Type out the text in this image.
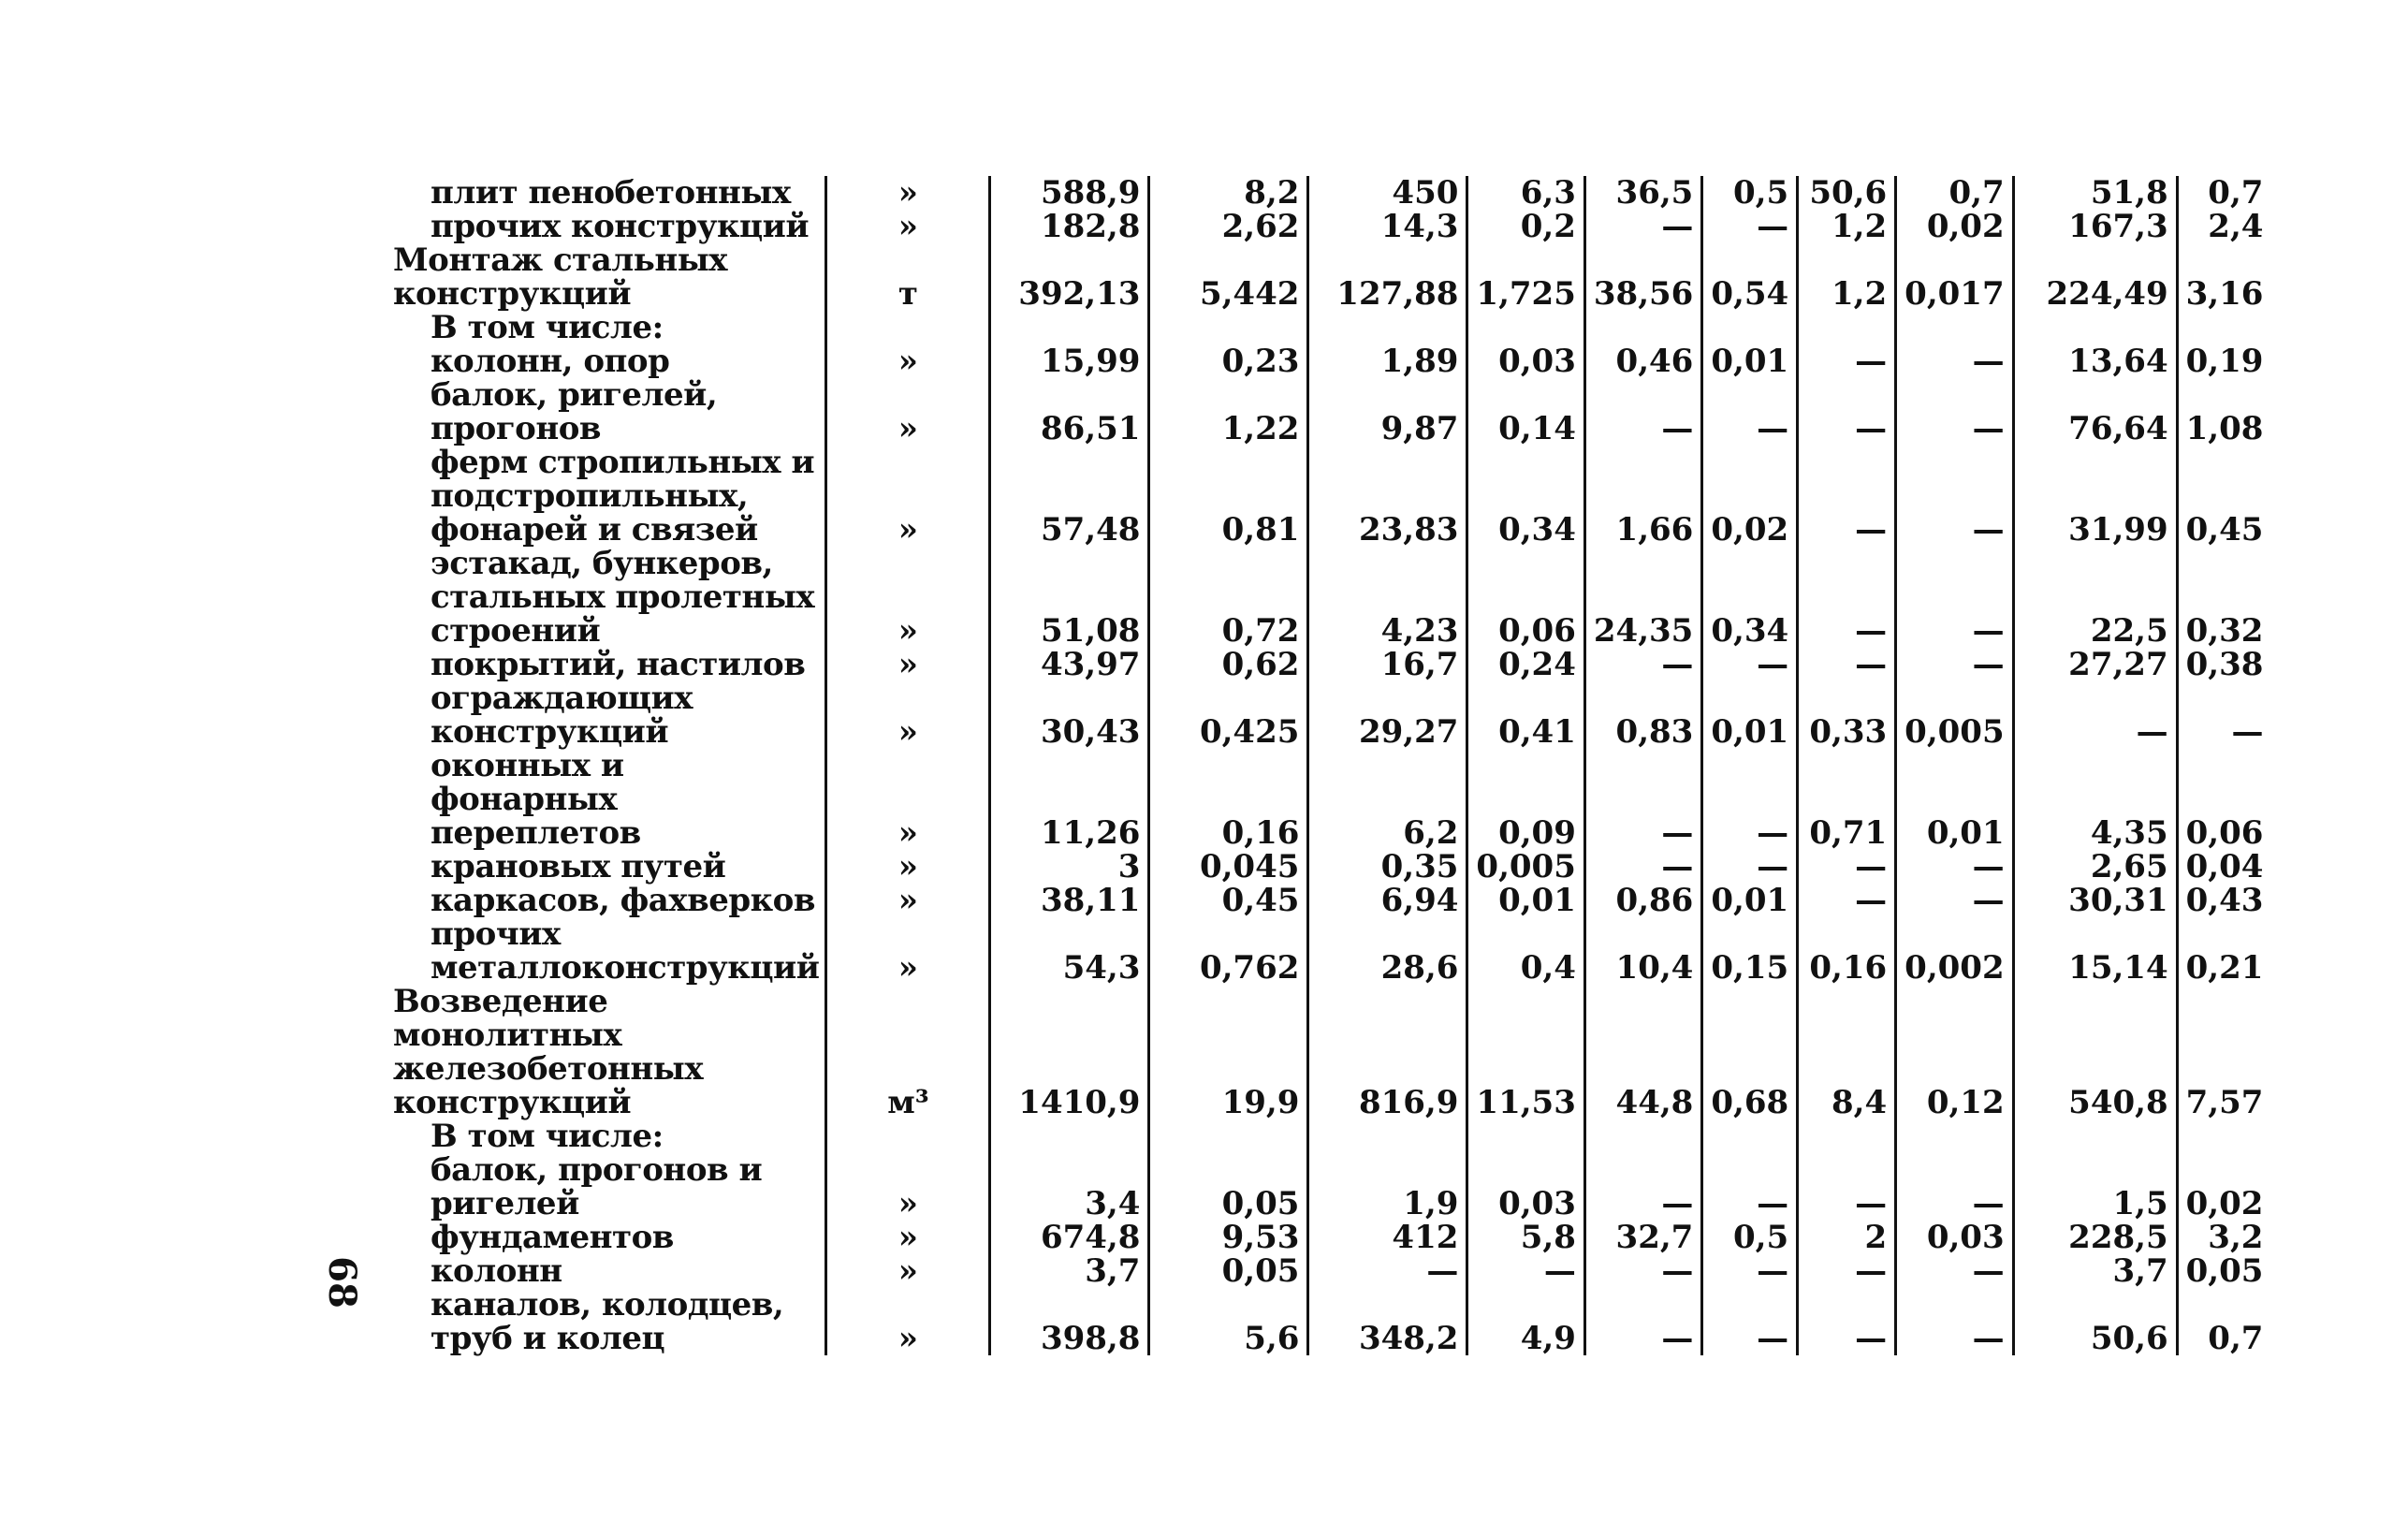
68
плит пенобетонных	»	588,9	8,2	450	6,3	36,5	0,5	50,6	0,7	51,8	0,7

прочих конструкций	»	182,8	2,62	14,3	0,2	—	—	1,2	0,02	167,3	2,4

Монтаж стальных конструкций	т	392,13	5,442	127,88	1,725	38,56	0,54	1,2	0,017	224,49	3,16

В том числе:											

колонн, опор	»	15,99	0,23	1,89	0,03	0,46	0,01	—	—	13,64	0,19

балок, ригелей, прогонов	»	86,51	1,22	9,87	0,14	—	—	—	—	76,64	1,08

ферм стропильных и подстропильных, фонарей и связей	»	57,48	0,81	23,83	0,34	1,66	0,02	—	—	31,99	0,45

эстакад, бункеров, стальных пролетных строений	»	51,08	0,72	4,23	0,06	24,35	0,34	—	—	22,5	0,32

покрытий, настилов	»	43,97	0,62	16,7	0,24	—	—	—	—	27,27	0,38

ограждающих конструкций	»	30,43	0,425	29,27	0,41	0,83	0,01	0,33	0,005	—	—

оконных и фонарных переплетов	»	11,26	0,16	6,2	0,09	—	—	0,71	0,01	4,35	0,06

крановых путей	»	3	0,045	0,35	0,005	—	—	—	—	2,65	0,04

каркасов, фахверков	»	38,11	0,45	6,94	0,01	0,86	0,01	—	—	30,31	0,43

прочих металлоконструкций	»	54,3	0,762	28,6	0,4	10,4	0,15	0,16	0,002	15,14	0,21

Возведение монолитных железобетонных конструкций	м³	1410,9	19,9	816,9	11,53	44,8	0,68	8,4	0,12	540,8	7,57

В том числе:											

балок, прогонов и ригелей	»	3,4	0,05	1,9	0,03	—	—	—	—	1,5	0,02

фундаментов	»	674,8	9,53	412	5,8	32,7	0,5	2	0,03	228,5	3,2

колонн	»	3,7	0,05	—	—	—	—	—	—	3,7	0,05

каналов, колодцев, труб и колец	»	398,8	5,6	348,2	4,9	—	—	—	—	50,6	0,7
